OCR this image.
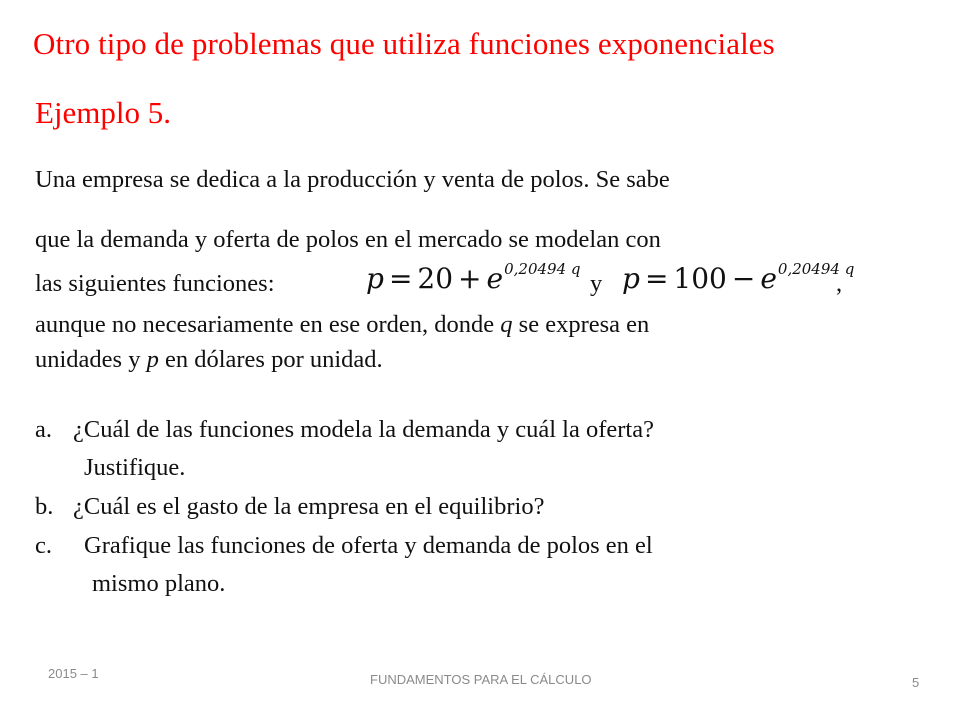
Otro tipo de problemas que utiliza funciones exponenciales
Ejemplo 5.
Una empresa se dedica a la producción y venta de polos. Se sabe
que la demanda y oferta de polos en el mercado se modelan con
las siguientes funciones:	$p = 20 + e^{0,20494 q}$
y $p = 100 - e^{0,20494 q}$
,
aunque no necesariamente en ese orden, donde q se expresa en
unidades y p en dólares por unidad.
a. ¿Cuál de las funciones modela la demanda y cuál la oferta?
Justifique.
b. ¿Cuál es el gasto de la empresa en el equilibrio?
c. Grafique las funciones de oferta y demanda de polos en el
mismo plano.
2015 – 1	FUNDAMENTOS PARA EL CÁLCULO	5
